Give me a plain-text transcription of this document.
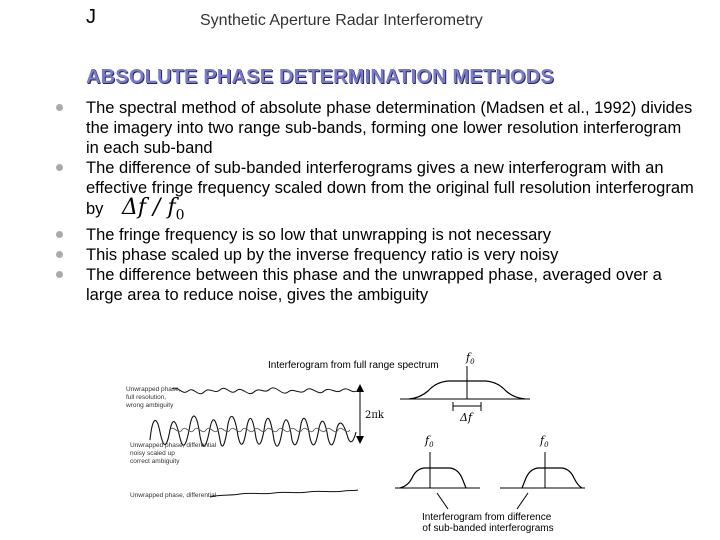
J	Synthetic Aperture Radar Interferometry
ABSOLUTE PHASE DETERMINATION METHODS
The spectral method of absolute phase determination (Madsen et al., 1992) divides the imagery into two range sub-bands, forming one lower resolution interferogram in each sub-band
The difference of sub-banded interferograms gives a new interferogram with an effective fringe frequency scaled down from the original full resolution interferogram by Δf / $f_0$
The fringe frequency is so low that unwrapping is not necessary
This phase scaled up by the inverse frequency ratio is very noisy
The difference between this phase and the unwrapped phase, averaged over a large area to reduce noise, gives the ambiguity
Interferogram from full range spectrum
$f_0$
Δf
2πk
Unwrapped phase, full resolution, wrong ambiguity
Unwrapped phase, differential noisy scaled up correct ambiguity
Unwrapped phase, differential
$f_0$	$f_0$
Interferogram from difference of sub-banded interferograms
